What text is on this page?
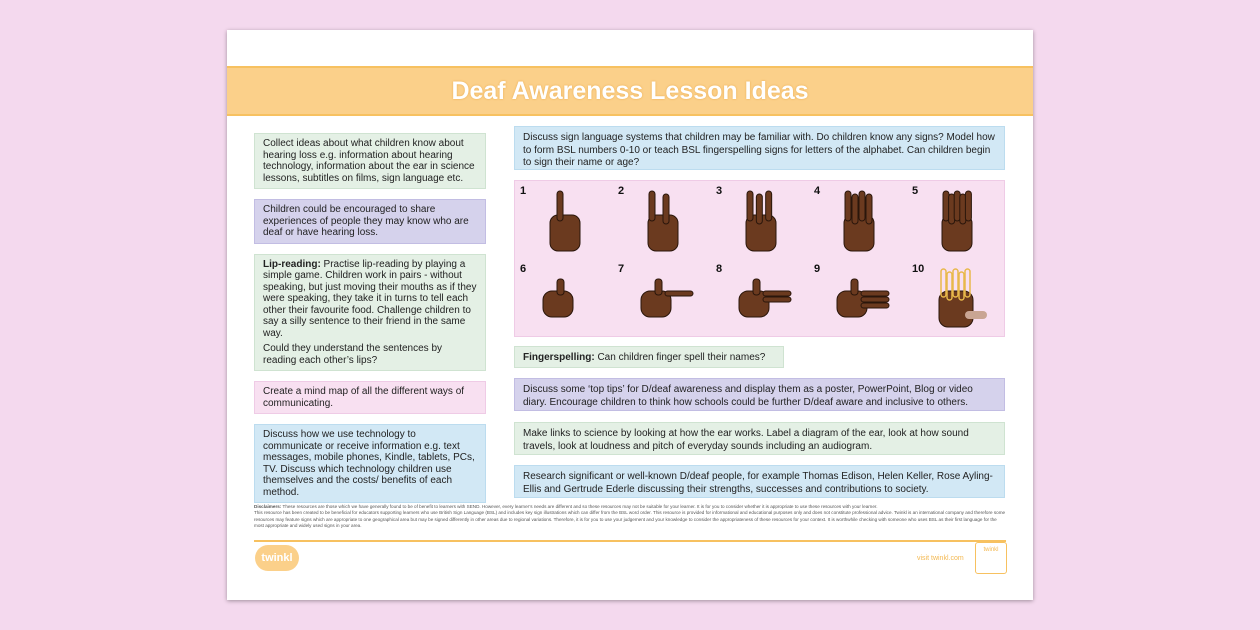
Deaf Awareness Lesson Ideas
Collect ideas about what children know about hearing loss e.g. information about hearing technology, information about the ear in science lessons, subtitles on films, sign language etc.
Children could be encouraged to share experiences of people they may know who are deaf or have hearing loss.
Lip-reading: Practise lip-reading by playing a simple game. Children work in pairs - without speaking, but just moving their mouths as if they were speaking, they take it in turns to tell each other their favourite food. Challenge children to say a silly sentence to their friend in the same way.
Could they understand the sentences by reading each other’s lips?
Create a mind map of all the different ways of communicating.
Discuss how we use technology to communicate or receive information e.g. text messages, mobile phones, Kindle, tablets, PCs, TV. Discuss which technology children use themselves and the costs/ benefits of each method.
Discuss sign language systems that children may be familiar with. Do children know any signs? Model how to form BSL numbers 0-10 or teach BSL fingerspelling signs for letters of the alphabet. Can children begin to sign their name or age?
1	2	3	4	5
6	7	8	9	10
Fingerspelling: Can children finger spell their names?
Discuss some ‘top tips’ for D/deaf awareness and display them as a poster, PowerPoint, Blog or video diary. Encourage children to think how schools could be further D/deaf aware and inclusive to others.
Make links to science by looking at how the ear works. Label a diagram of the ear, look at how sound travels, look at loudness and pitch of everyday sounds including an audiogram.
Research significant or well-known D/deaf people, for example Thomas Edison, Helen Keller, Rose Ayling-Ellis and Gertrude Ederle discussing their strengths, successes and contributions to society.
Disclaimers: These resources are those which we have generally found to be of benefit to learners with SEND. However, every learner’s needs are different and so these resources may not be suitable for your learner. It is for you to consider whether it is appropriate to use these resources with your learner.
This resource has been created to be beneficial for educators supporting learners who use British Sign Language (BSL) and includes key sign illustrations which can differ from the BSL word order. This resource is provided for informational and educational purposes only and does not constitute professional advice. Twinkl is an international company and therefore some resources may feature signs which are appropriate to one geographical area but may be signed differently in other areas due to regional variations. Therefore, it is for you to use your judgement and your knowledge to consider the appropriateness of these resources for your context. It is worthwhile checking with someone who uses BSL as their first language for the most appropriate and widely used signs in your area.
twinkl	visit twinkl.com
twinkl
